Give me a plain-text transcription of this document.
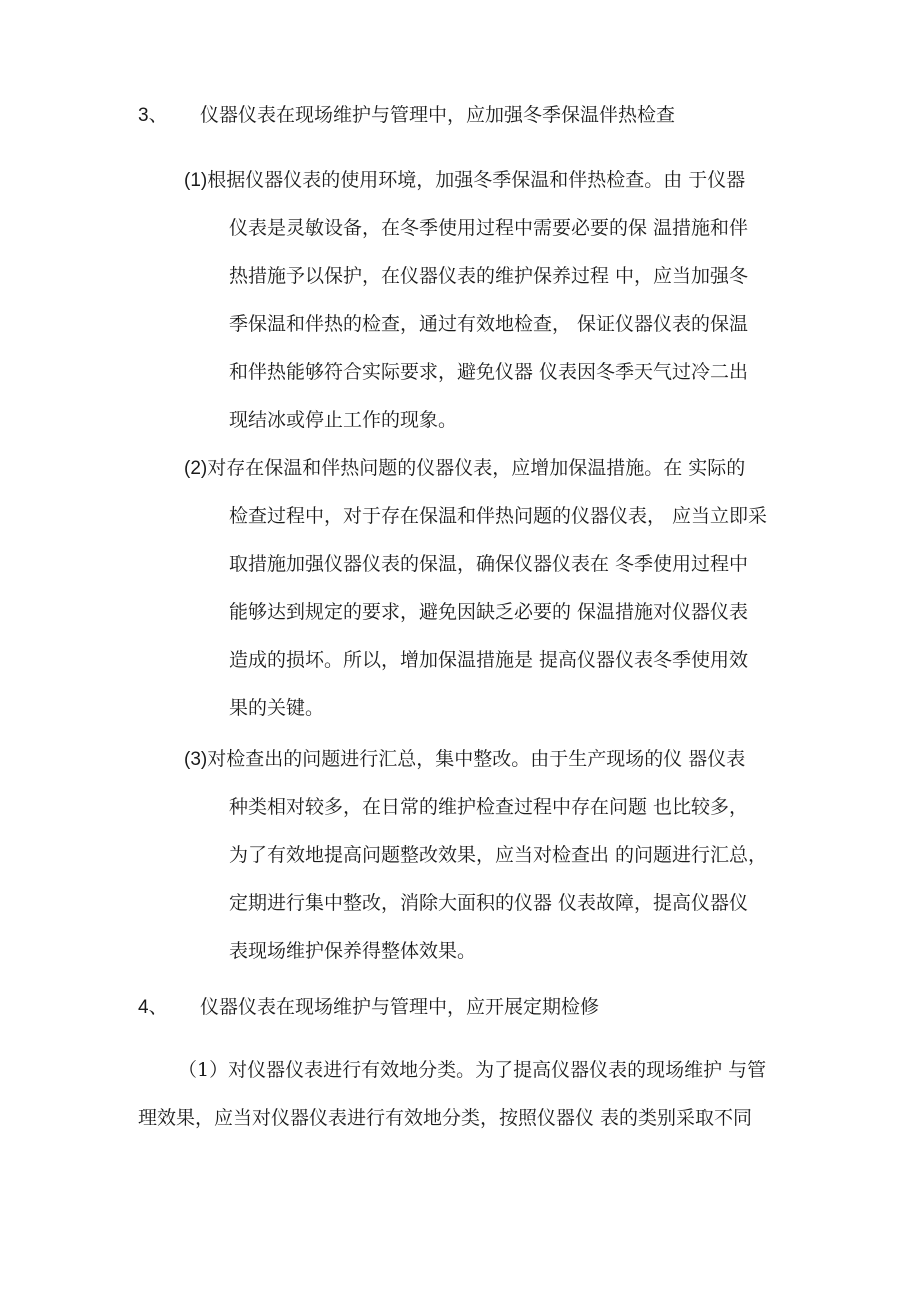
3、 仪器仪表在现场维护与管理中，应加强冬季保温伴热检查
(1)根据仪器仪表的使用环境，加强冬季保温和伴热检查。由 于仪器
仪表是灵敏设备，在冬季使用过程中需要必要的保 温措施和伴
热措施予以保护，在仪器仪表的维护保养过程 中，应当加强冬
季保温和伴热的检查，通过有效地检查， 保证仪器仪表的保温
和伴热能够符合实际要求，避免仪器 仪表因冬季天气过冷二出
现结冰或停止工作的现象。
(2)对存在保温和伴热问题的仪器仪表，应增加保温措施。在 实际的
检查过程中，对于存在保温和伴热问题的仪器仪表， 应当立即采
取措施加强仪器仪表的保温，确保仪器仪表在 冬季使用过程中
能够达到规定的要求，避免因缺乏必要的 保温措施对仪器仪表
造成的损坏。所以，增加保温措施是 提高仪器仪表冬季使用效
果的关键。
(3)对检查出的问题进行汇总，集中整改。由于生产现场的仪 器仪表
种类相对较多，在日常的维护检查过程中存在问题 也比较多，
为了有效地提高问题整改效果，应当对检查出 的问题进行汇总，
定期进行集中整改，消除大面积的仪器 仪表故障，提高仪器仪
表现场维护保养得整体效果。
4、 仪器仪表在现场维护与管理中，应开展定期检修
（1）对仪器仪表进行有效地分类。为了提高仪器仪表的现场维护 与管
理效果，应当对仪器仪表进行有效地分类，按照仪器仪 表的类别采取不同
